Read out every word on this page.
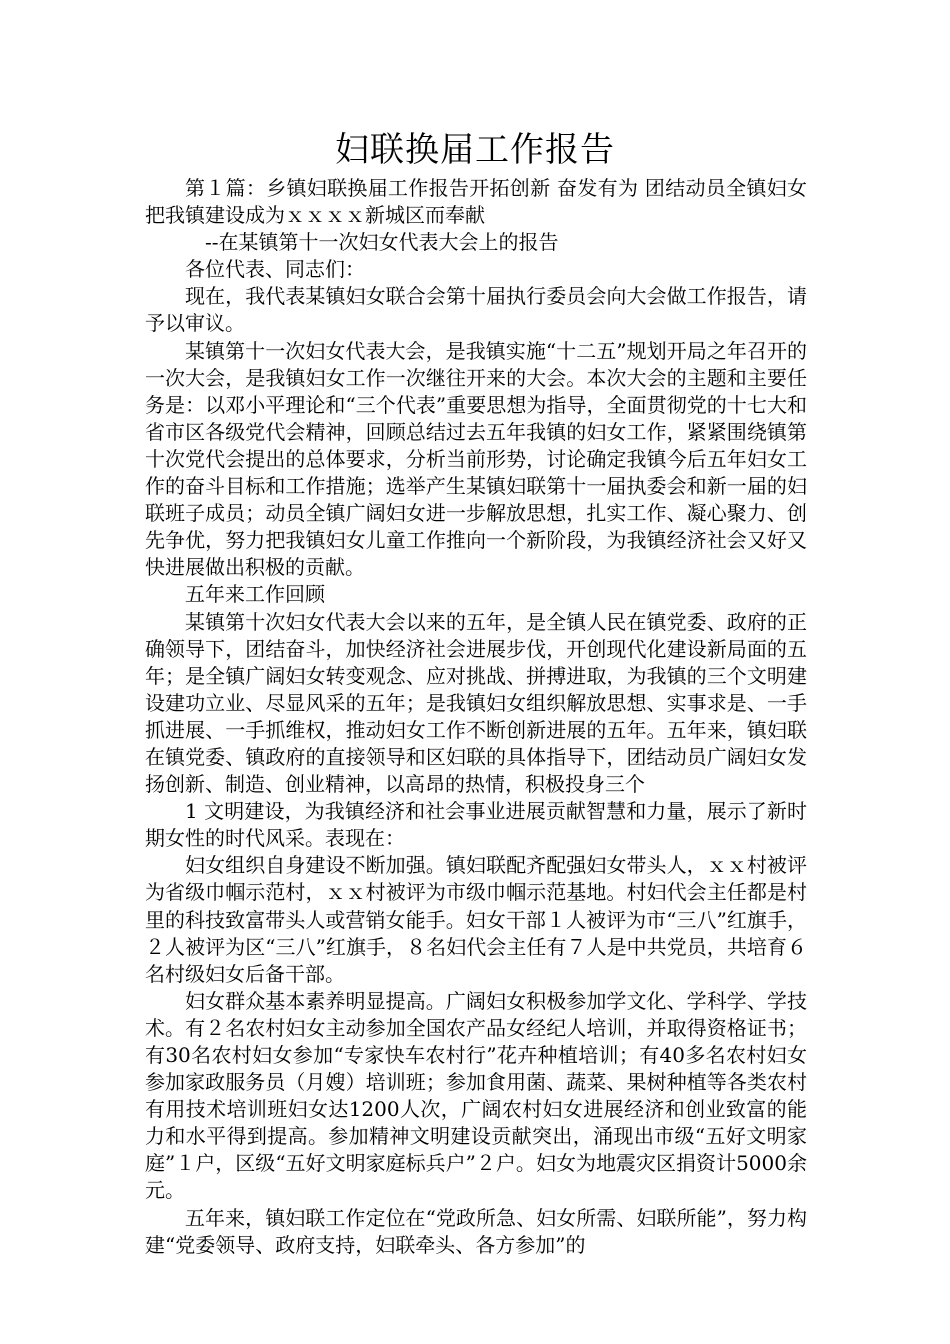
妇联换届工作报告

第１篇：乡镇妇联换届工作报告开拓创新 奋发有为 团结动员全镇妇女把我镇建设成为ｘｘｘｘ新城区而奉献

--在某镇第十一次妇女代表大会上的报告

各位代表、同志们：

现在，我代表某镇妇女联合会第十届执行委员会向大会做工作报告，请予以审议。

某镇第十一次妇女代表大会，是我镇实施“十二五”规划开局之年召开的一次大会，是我镇妇女工作一次继往开来的大会。本次大会的主题和主要任务是：以邓小平理论和“三个代表”重要思想为指导，全面贯彻党的十七大和省市区各级党代会精神，回顾总结过去五年我镇的妇女工作，紧紧围绕镇第十次党代会提出的总体要求，分析当前形势，讨论确定我镇今后五年妇女工作的奋斗目标和工作措施；选举产生某镇妇联第十一届执委会和新一届的妇联班子成员；动员全镇广阔妇女进一步解放思想，扎实工作、凝心聚力、创先争优，努力把我镇妇女儿童工作推向一个新阶段，为我镇经济社会又好又快进展做出积极的贡献。

五年来工作回顾

某镇第十次妇女代表大会以来的五年，是全镇人民在镇党委、政府的正确领导下，团结奋斗，加快经济社会进展步伐，开创现代化建设新局面的五年；是全镇广阔妇女转变观念、应对挑战、拼搏进取，为我镇的三个文明建设建功立业、尽显风采的五年；是我镇妇女组织解放思想、实事求是、一手抓进展、一手抓维权，推动妇女工作不断创新进展的五年。五年来，镇妇联在镇党委、镇政府的直接领导和区妇联的具体指导下，团结动员广阔妇女发扬创新、制造、创业精神，以高昂的热情，积极投身三个

1 文明建设，为我镇经济和社会事业进展贡献智慧和力量，展示了新时期女性的时代风采。表现在：

妇女组织自身建设不断加强。镇妇联配齐配强妇女带头人，ｘｘ村被评为省级巾帼示范村，ｘｘ村被评为市级巾帼示范基地。村妇代会主任都是村里的科技致富带头人或营销女能手。妇女干部１人被评为市“三八”红旗手，２人被评为区“三八”红旗手，８名妇代会主任有７人是中共党员，共培育６名村级妇女后备干部。

妇女群众基本素养明显提高。广阔妇女积极参加学文化、学科学、学技术。有２名农村妇女主动参加全国农产品女经纪人培训，并取得资格证书；有30名农村妇女参加“专家快车农村行”花卉种植培训；有40多名农村妇女参加家政服务员（月嫂）培训班；参加食用菌、蔬菜、果树种植等各类农村有用技术培训班妇女达1200人次，广阔农村妇女进展经济和创业致富的能力和水平得到提高。参加精神文明建设贡献突出，涌现出市级“五好文明家庭”１户，区级“五好文明家庭标兵户”２户。妇女为地震灾区捐资计5000余元。

五年来，镇妇联工作定位在“党政所急、妇女所需、妇联所能”，努力构建“党委领导、政府支持，妇联牵头、各方参加”的
